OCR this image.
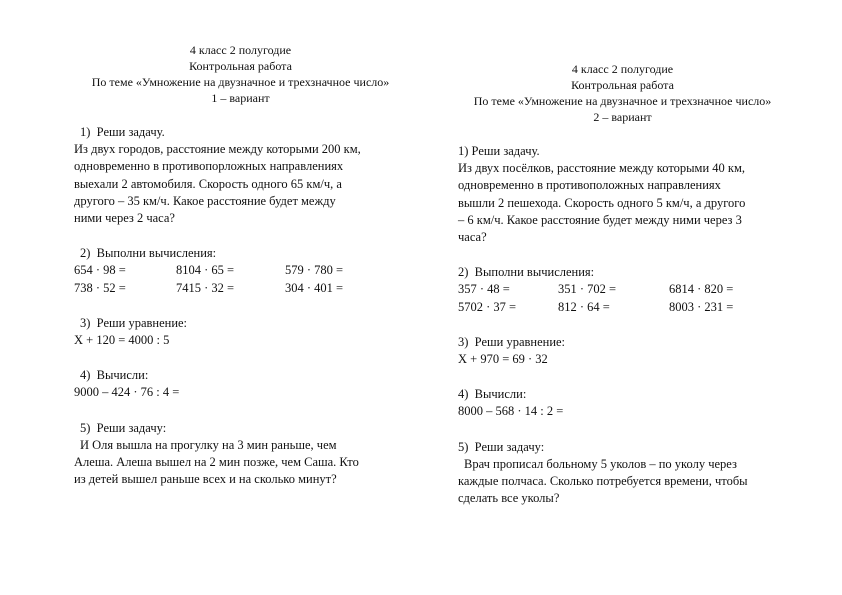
4 класс 2 полугодие
Контрольная работа
По теме «Умножение на двузначное и трехзначное число»
1 – вариант
1)  Реши задачу.
Из двух городов, расстояние между которыми 200 км,
одновременно в противопорложных направлениях
выехали 2 автомобиля. Скорость одного 65 км/ч, а
другого – 35 км/ч. Какое расстояние будет между
ними через 2 часа?
2)  Выполни вычисления:
654 · 98 =	8104 · 65 =	579 · 780 =
738 · 52 =	7415 · 32 =	304 · 401 =
3)  Реши уравнение:
X + 120 = 4000 : 5
4)  Вычисли:
9000 – 424 · 76 : 4 =
5)  Реши задачу:
И Оля вышла на прогулку на 3 мин раньше, чем
Алеша. Алеша вышел на 2 мин позже, чем Саша. Кто
из детей вышел раньше всех и на сколько минут?
4 класс 2 полугодие
Контрольная работа
По теме «Умножение на двузначное и трехзначное число»
2 – вариант
1) Реши задачу.
Из двух посёлков, расстояние между которыми 40 км,
одновременно в противоположных направлениях
вышли 2 пешехода. Скорость одного 5 км/ч, а другого
– 6 км/ч. Какое расстояние будет между ними через 3
часа?
2)  Выполни вычисления:
357 · 48 =	351 · 702 =	6814 · 820 =
5702 · 37 =	812 · 64 =	8003 · 231 =
3)  Реши уравнение:
X + 970 = 69 · 32
4)  Вычисли:
8000 – 568 · 14 : 2 =
5)  Реши задачу:
Врач прописал больному 5 уколов – по уколу через
каждые полчаса. Сколько потребуется времени, чтобы
сделать все уколы?
